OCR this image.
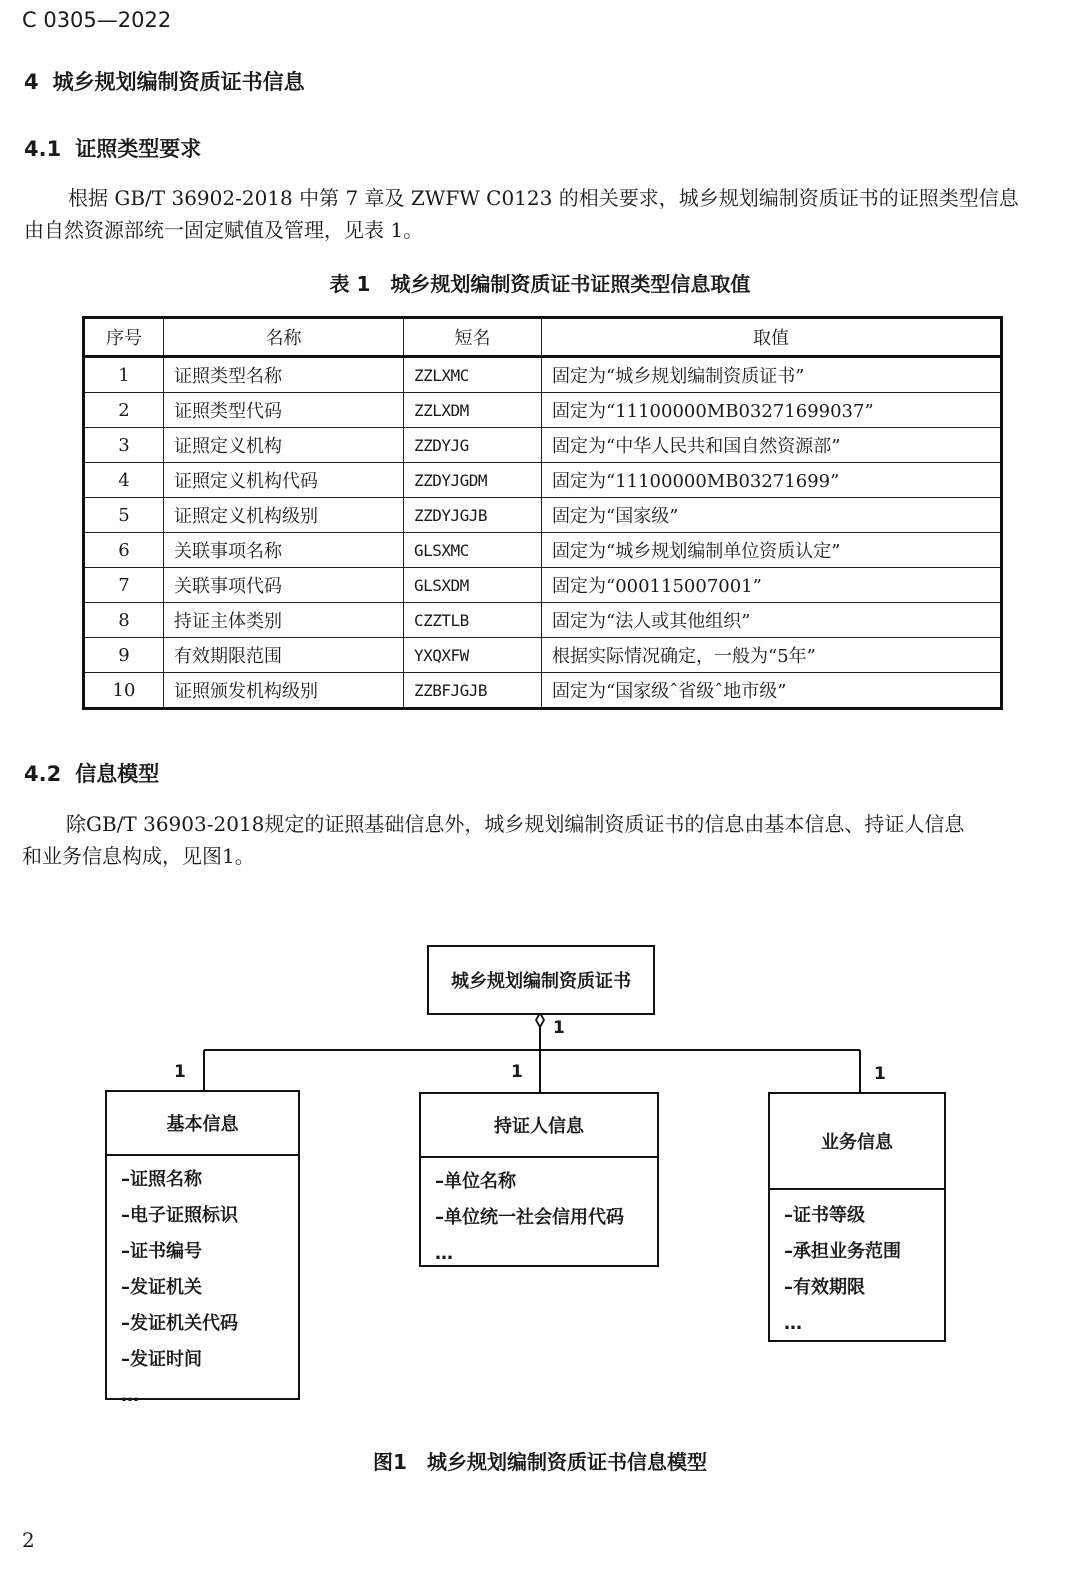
C 0305—2022
4 城乡规划编制资质证书信息
4.1 证照类型要求
根据 GB/T 36902-2018 中第 7 章及 ZWFW C0123 的相关要求，城乡规划编制资质证书的证照类型信息
由自然资源部统一固定赋值及管理，见表 1。
表 1　城乡规划编制资质证书证照类型信息取值
序号	名称	短名	取值
1	证照类型名称	ZZLXMC	固定为“城乡规划编制资质证书”
2	证照类型代码	ZZLXDM	固定为“11100000MB03271699037”
3	证照定义机构	ZZDYJG	固定为“中华人民共和国自然资源部”
4	证照定义机构代码	ZZDYJGDM	固定为“11100000MB03271699”
5	证照定义机构级别	ZZDYJGJB	固定为“国家级”
6	关联事项名称	GLSXMC	固定为“城乡规划编制单位资质认定”
7	关联事项代码	GLSXDM	固定为“000115007001”
8	持证主体类别	CZZTLB	固定为“法人或其他组织”
9	有效期限范围	YXQXFW	根据实际情况确定，一般为“5年”
10	证照颁发机构级别	ZZBFJGJB	固定为“国家级ˆ省级ˆ地市级”
4.2 信息模型
除GB/T 36903-2018规定的证照基础信息外，城乡规划编制资质证书的信息由基本信息、持证人信息
和业务信息构成，见图1。
城乡规划编制资质证书
1
1	1	1
基本信息
–证照名称
–电子证照标识
–证书编号
–发证机关
–发证机关代码
–发证时间
…
持证人信息
–单位名称
–单位统一社会信用代码
…
业务信息
–证书等级
–承担业务范围
–有效期限
…
图1　城乡规划编制资质证书信息模型
2
